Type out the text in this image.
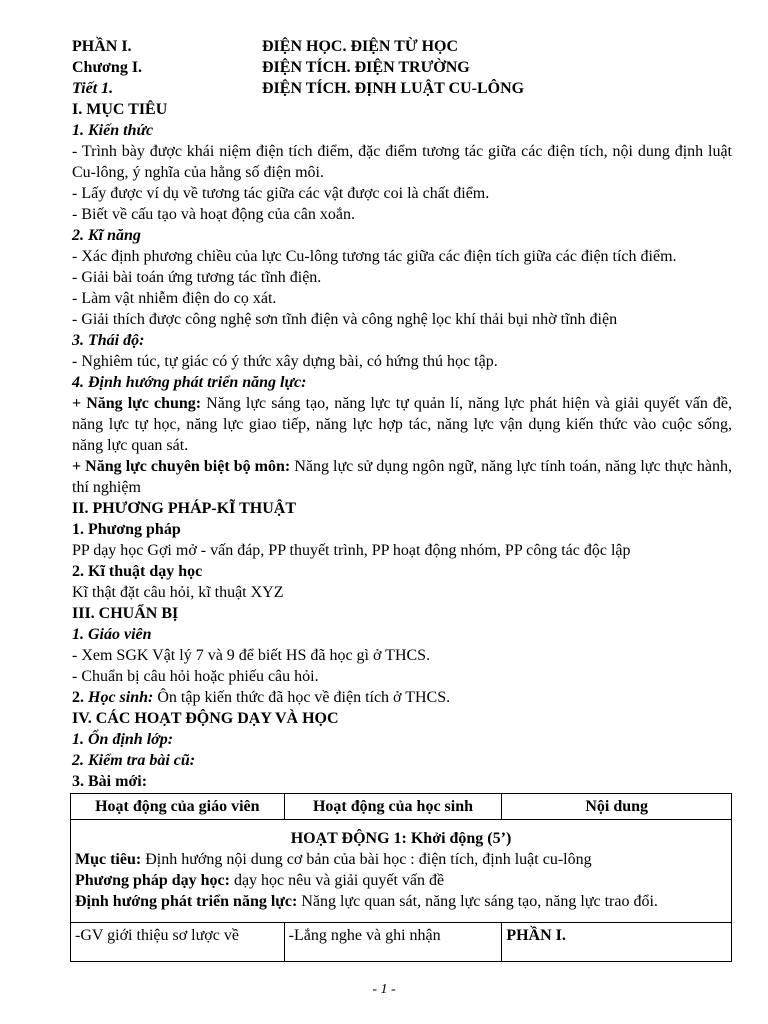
PHẦN I.	ĐIỆN HỌC. ĐIỆN TỪ HỌC
Chương I.	ĐIỆN TÍCH. ĐIỆN TRƯỜNG
Tiết 1.	ĐIỆN TÍCH. ĐỊNH LUẬT CU-LÔNG

I. MỤC TIÊU

1. Kiến thức

- Trình bày được khái niệm điện tích điểm, đặc điểm tương tác giữa các điện tích, nội dung định luật Cu-lông, ý nghĩa của hằng số điện môi.

- Lấy được ví dụ về tương tác giữa các vật được coi là chất điểm.

- Biết về cấu tạo và hoạt động của cân xoắn.

2. Kĩ năng

- Xác định phương chiều của lực Cu-lông tương tác giữa các điện tích giữa các điện tích điểm.

- Giải bài toán ứng tương tác tĩnh điện.

- Làm vật nhiễm điện do cọ xát.

- Giải thích được công nghệ sơn tĩnh điện và công nghệ lọc khí thải bụi nhờ tĩnh điện

3. Thái độ:

- Nghiêm túc, tự giác có ý thức xây dựng bài, có hứng thú học tập.

4. Định hướng phát triển năng lực:

+ Năng lực chung: Năng lực sáng tạo, năng lực tự quản lí, năng lực phát hiện và giải quyết vấn đề, năng lực tự học, năng lực giao tiếp, năng lực hợp tác, năng lực vận dụng kiến thức vào cuộc sống, năng lực quan sát.

+ Năng lực chuyên biệt bộ môn: Năng lực sử dụng ngôn ngữ, năng lực tính toán, năng lực thực hành, thí nghiệm

II. PHƯƠNG PHÁP-KĨ THUẬT

1. Phương pháp

PP dạy học Gợi mở - vấn đáp, PP thuyết trình, PP hoạt động nhóm, PP công tác độc lập

2. Kĩ thuật dạy học

Kĩ thật đặt câu hỏi, kĩ thuật XYZ

III. CHUẨN BỊ

1. Giáo viên

- Xem SGK Vật lý 7 và 9 để biết HS đã học gì ở THCS.

- Chuẩn bị câu hỏi hoặc phiếu câu hỏi.

2. Học sinh: Ôn tập kiến thức đã học về điện tích ở THCS.

IV. CÁC HOẠT ĐỘNG DẠY VÀ HỌC

1. Ổn định lớp:

2. Kiểm tra bài cũ:

3. Bài mới:

Hoạt động của giáo viên	Hoạt động của học sinh	Nội dung

HOẠT ĐỘNG 1: Khởi động (5’)

Mục tiêu: Định hướng nội dung cơ bản của bài học : điện tích, định luật cu-lông

Phương pháp dạy học: dạy học nêu và giải quyết vấn đề

Định hướng phát triển năng lực: Năng lực quan sát, năng lực sáng tạo, năng lực trao đổi.		

-GV giới thiệu sơ lược về	-Lắng nghe và ghi nhận	PHẦN I.
- 1 -
